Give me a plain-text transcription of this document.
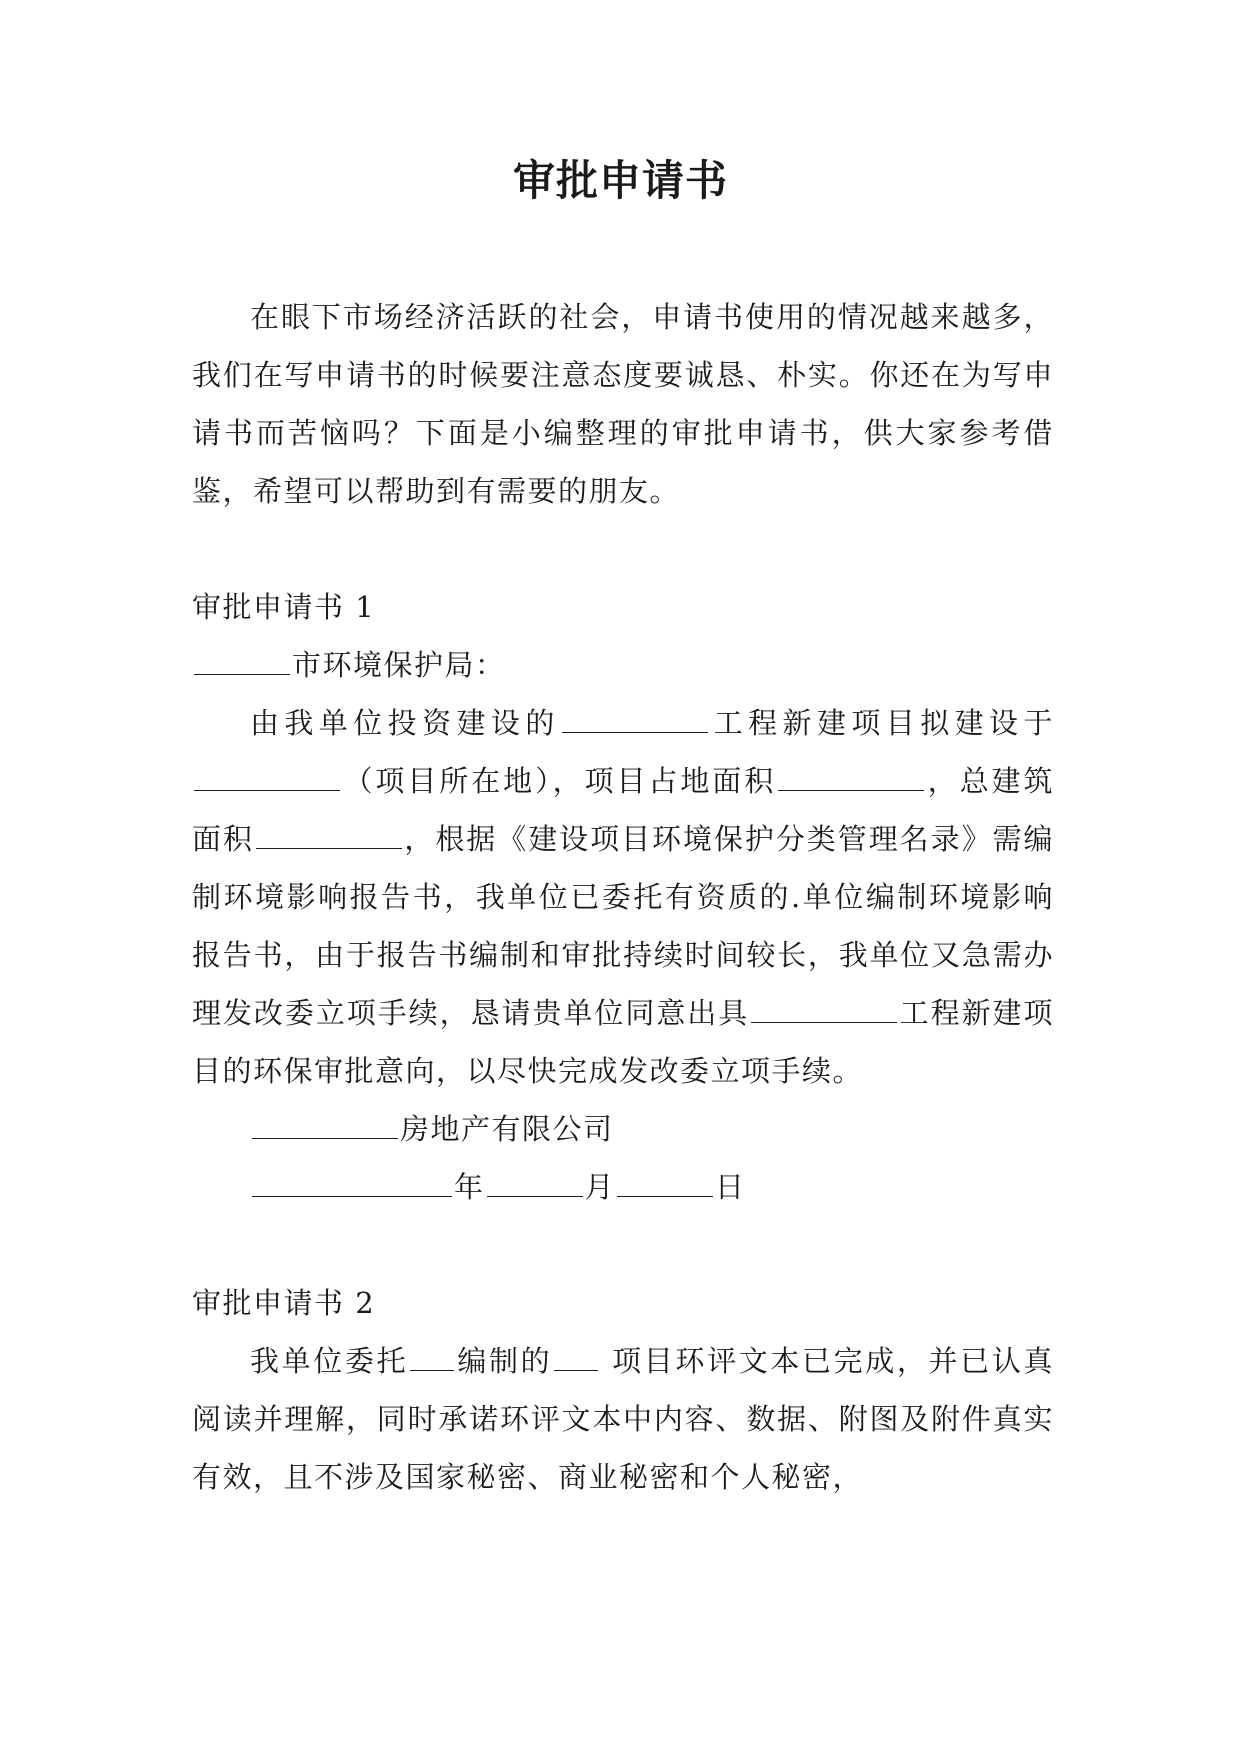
审批申请书

在眼下市场经济活跃的社会，申请书使用的情况越来越多，我们在写申请书的时候要注意态度要诚恳、朴实。你还在为写申请书而苦恼吗？下面是小编整理的审批申请书，供大家参考借鉴，希望可以帮助到有需要的朋友。

审批申请书 1

市环境保护局：

由我单位投资建设的	工程新建项目拟建设于（项目所在地），项目占地面积	，总建筑面积	，根据《建设项目环境保护分类管理名录》需编制环境影响报告书，我单位已委托有资质的.单位编制环境影响报告书，由于报告书编制和审批持续时间较长，我单位又急需办理发改委立项手续，恳请贵单位同意出具	工程新建项目的环保审批意向，以尽快完成发改委立项手续。

房地产有限公司

年	月	日

审批申请书 2

我单位委托 编制的 项目环评文本已完成，并已认真阅读并理解，同时承诺环评文本中内容、数据、附图及附件真实有效，且不涉及国家秘密、商业秘密和个人秘密，
